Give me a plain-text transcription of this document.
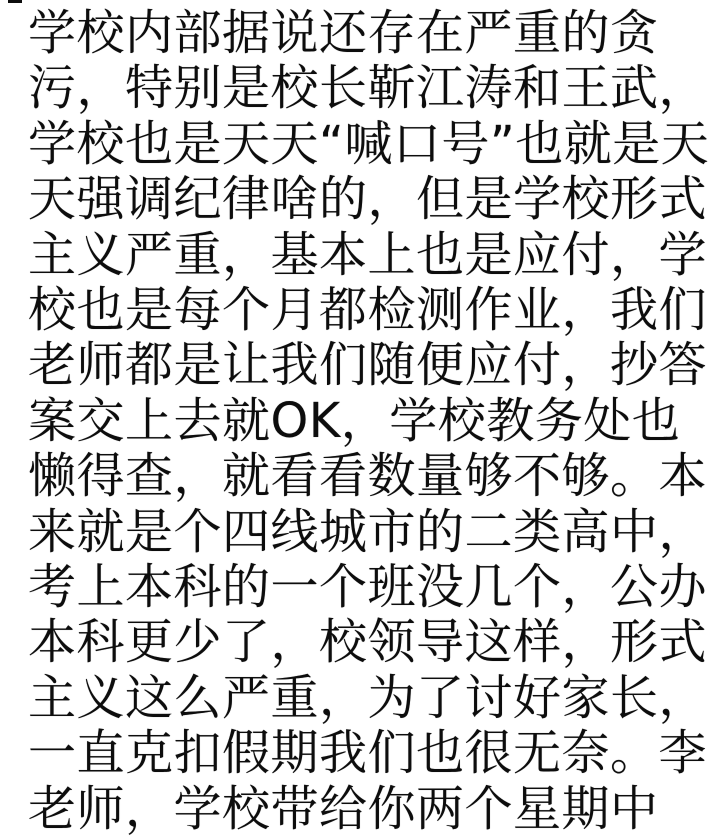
学校内部据说还存在严重的贪
污，特别是校长靳江涛和王武，
学校也是天天“喊口号”也就是天
天强调纪律啥的，但是学校形式
主义严重，基本上也是应付，学
校也是每个月都检测作业，我们
老师都是让我们随便应付，抄答
案交上去就OK，学校教务处也
懒得查，就看看数量够不够。本
来就是个四线城市的二类高中，
考上本科的一个班没几个，公办
本科更少了，校领导这样，形式
主义这么严重，为了讨好家长，
一直克扣假期我们也很无奈。李
老师，学校带给你两个星期中
